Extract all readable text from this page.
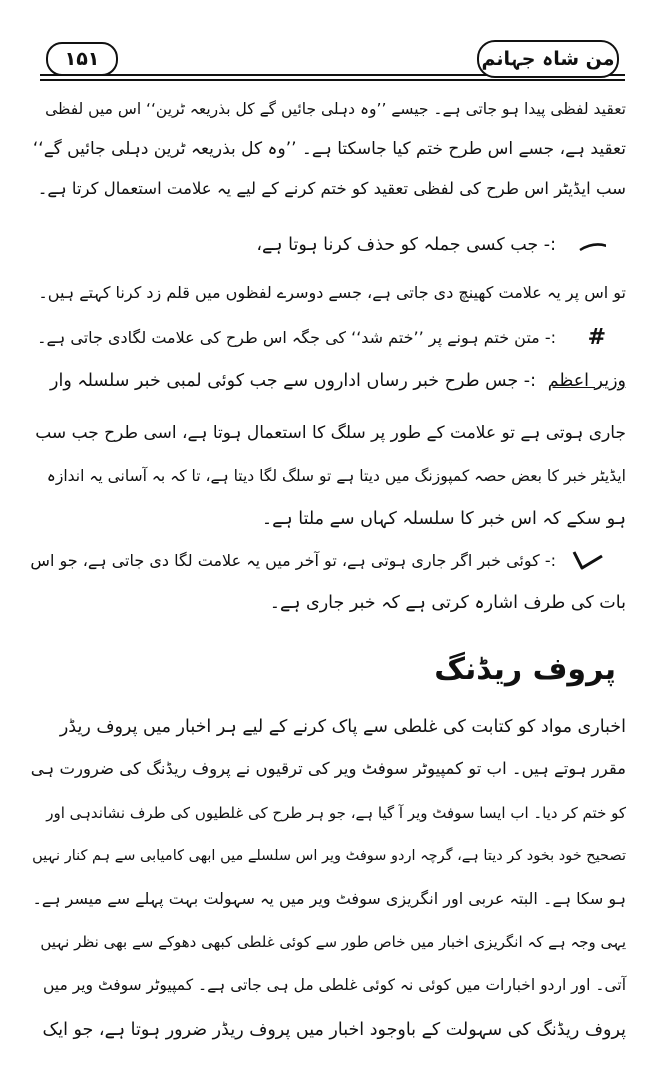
۱۵۱	من شاہ جہانم
تعقید لفظی پیدا ہو جاتی ہے۔ جیسے ’’وہ دہلی جائیں گے کل بذریعہ ٹرین‘‘ اس میں لفظی
تعقید ہے، جسے اس طرح ختم کیا جاسکتا ہے۔ ’’وہ کل بذریعہ ٹرین دہلی جائیں گے‘‘
سب ایڈیٹر اس طرح کی لفظی تعقید کو ختم کرنے کے لیے یہ علامت استعمال کرتا ہے۔
:- جب کسی جملہ کو حذف کرنا ہوتا ہے،
تو اس پر یہ علامت کھینچ دی جاتی ہے، جسے دوسرے لفظوں میں قلم زد کرنا کہتے ہیں۔
:- متن ختم ہونے پر ’’ختم شد‘‘ کی جگہ اس طرح کی علامت لگادی جاتی ہے۔ #
وزیر اعظم
:- جس طرح خبر رساں اداروں سے جب کوئی لمبی خبر سلسلہ وار
جاری ہوتی ہے تو علامت کے طور پر سلگ کا استعمال ہوتا ہے، اسی طرح جب سب
ایڈیٹر خبر کا بعض حصہ کمپوزنگ میں دیتا ہے تو سلگ لگا دیتا ہے، تا کہ بہ آسانی یہ اندازہ
ہو سکے کہ اس خبر کا سلسلہ کہاں سے ملتا ہے۔
:- کوئی خبر اگر جاری ہوتی ہے، تو آخر میں یہ علامت لگا دی جاتی ہے، جو اس
بات کی طرف اشارہ کرتی ہے کہ خبر جاری ہے۔
پروف ریڈنگ
اخباری مواد کو کتابت کی غلطی سے پاک کرنے کے لیے ہر اخبار میں پروف ریڈر
مقرر ہوتے ہیں۔ اب تو کمپیوٹر سوفٹ ویر کی ترقیوں نے پروف ریڈنگ کی ضرورت ہی
کو ختم کر دیا۔ اب ایسا سوفٹ ویر آ گیا ہے، جو ہر طرح کی غلطیوں کی طرف نشاندہی اور
تصحیح خود بخود کر دیتا ہے، گرچہ اردو سوفٹ ویر اس سلسلے میں ابھی کامیابی سے ہم کنار نہیں
ہو سکا ہے۔ البتہ عربی اور انگریزی سوفٹ ویر میں یہ سہولت بہت پہلے سے میسر ہے۔
یہی وجہ ہے کہ انگریزی اخبار میں خاص طور سے کوئی غلطی کبھی دھوکے سے بھی نظر نہیں
آتی۔ اور اردو اخبارات میں کوئی نہ کوئی غلطی مل ہی جاتی ہے۔ کمپیوٹر سوفٹ ویر میں
پروف ریڈنگ کی سہولت کے باوجود اخبار میں پروف ریڈر ضرور ہوتا ہے، جو ایک
